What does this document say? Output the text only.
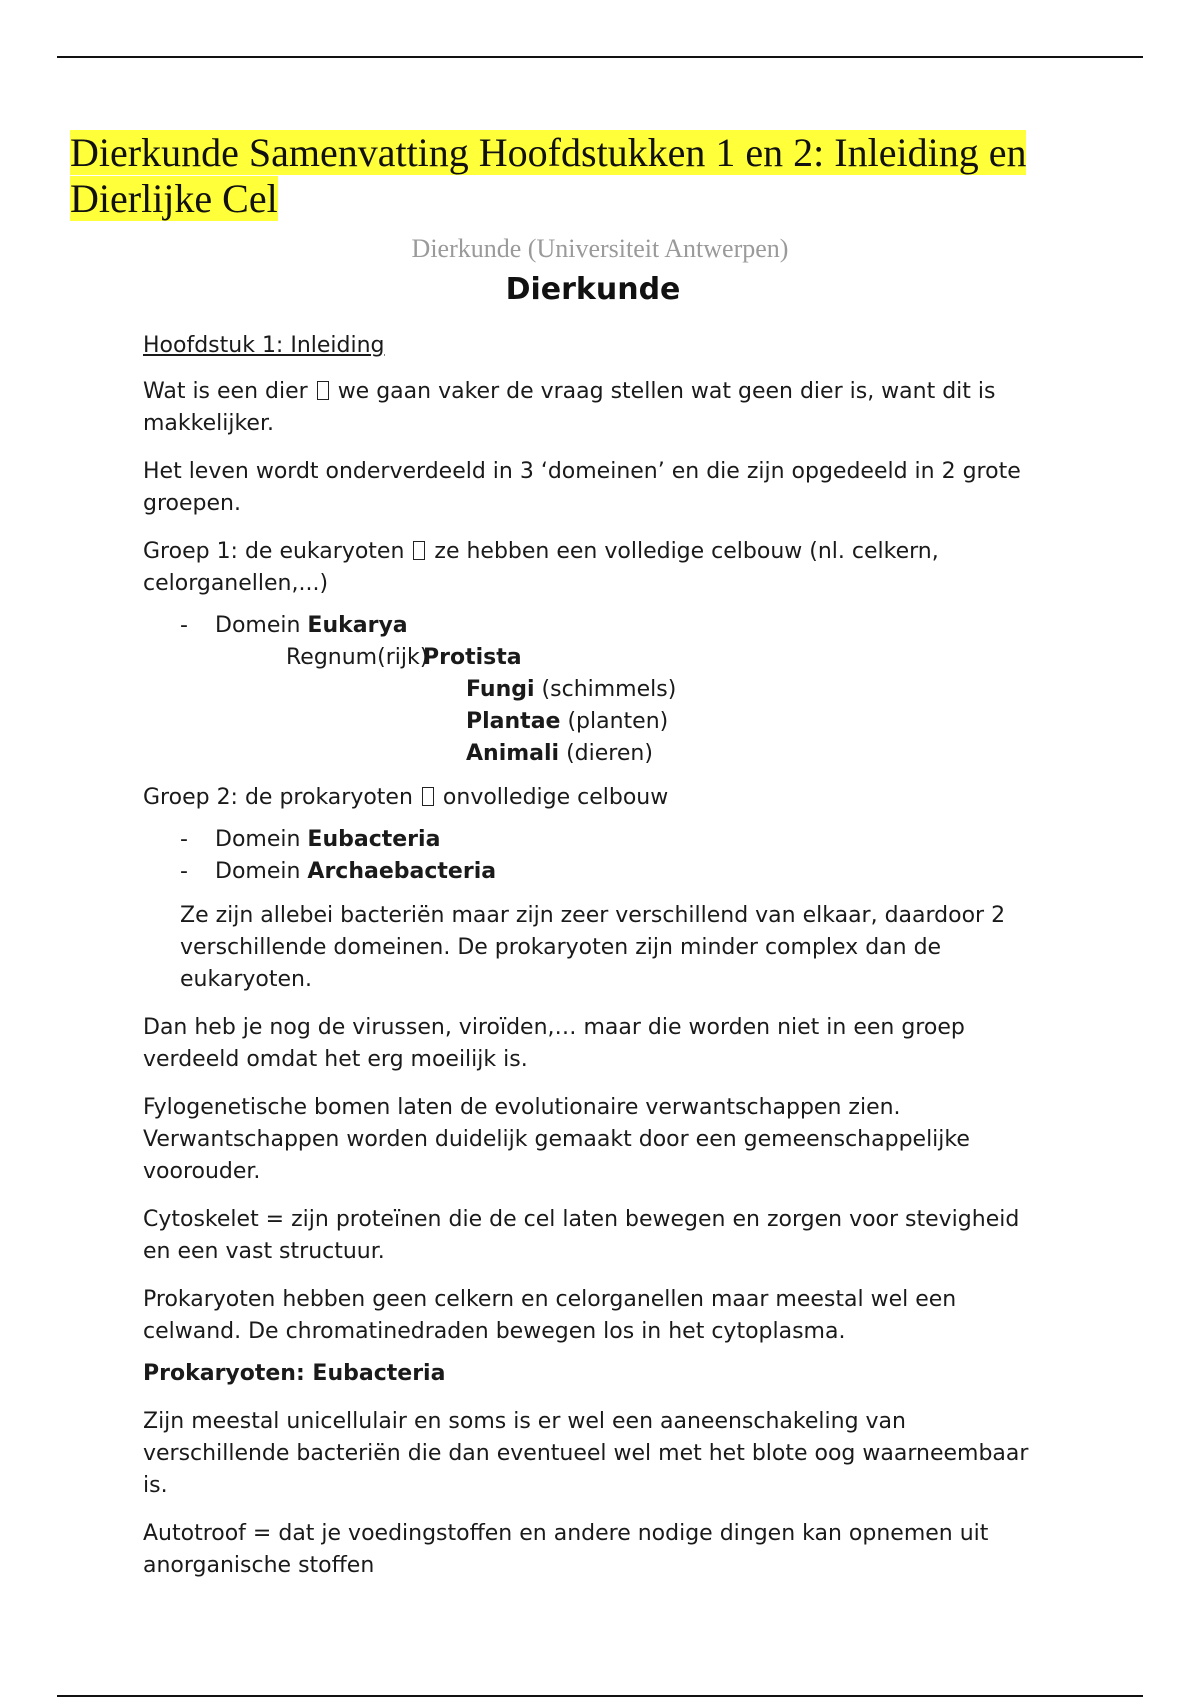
Dierkunde Samenvatting Hoofdstukken 1 en 2: Inleiding en Dierlijke Cel
Dierkunde (Universiteit Antwerpen)
Dierkunde
Hoofdstuk 1: Inleiding

Wat is een dier we gaan vaker de vraag stellen wat geen dier is, want dit is makkelijker.

Het leven wordt onderverdeeld in 3 ‘domeinen’ en die zijn opgedeeld in 2 grote groepen.

Groep 1: de eukaryoten ze hebben een volledige celbouw (nl. celkern, celorganellen,...)

- Domein Eukarya
Regnum(rijk)
Protista
Fungi (schimmels)
Plantae (planten)
Animali (dieren)

Groep 2: de prokaryoten onvolledige celbouw

- Domein Eubacteria
- Domein Archaebacteria

Ze zijn allebei bacteriën maar zijn zeer verschillend van elkaar, daardoor 2 verschillende domeinen. De prokaryoten zijn minder complex dan de eukaryoten.

Dan heb je nog de virussen, viroïden,… maar die worden niet in een groep verdeeld omdat het erg moeilijk is.

Fylogenetische bomen laten de evolutionaire verwantschappen zien. Verwantschappen worden duidelijk gemaakt door een gemeenschappelijke voorouder.

Cytoskelet = zijn proteïnen die de cel laten bewegen en zorgen voor stevigheid en een vast structuur.

Prokaryoten hebben geen celkern en celorganellen maar meestal wel een celwand. De chromatinedraden bewegen los in het cytoplasma.

Prokaryoten: Eubacteria

Zijn meestal unicellulair en soms is er wel een aaneenschakeling van verschillende bacteriën die dan eventueel wel met het blote oog waarneembaar is.

Autotroof = dat je voedingstoffen en andere nodige dingen kan opnemen uit anorganische stoffen
